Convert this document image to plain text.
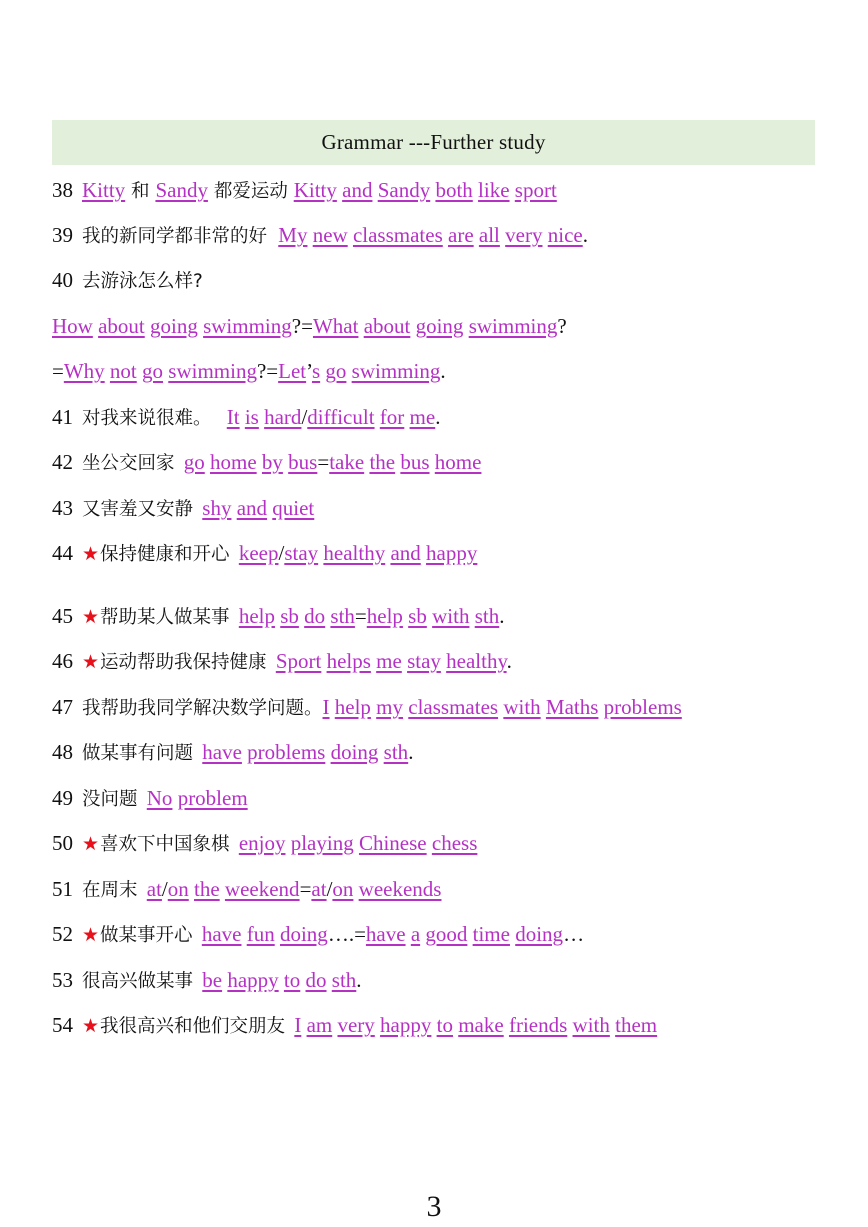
Grammar ---Further study
38 Kitty 和 Sandy 都爱运动 Kitty and Sandy both like sport
39 我的新同学都非常的好 My new classmates are all very nice.
40 去游泳怎么样?
How about going swimming?=What about going swimming?
=Why not go swimming?=Let’s go swimming.
41 对我来说很难。 It is hard/difficult for me.
42 坐公交回家 go home by bus=take the bus home
43 又害羞又安静 shy and quiet
44 ★保持健康和开心 keep/stay healthy and happy
45 ★帮助某人做某事 help sb do sth=help sb with sth.
46 ★运动帮助我保持健康 Sport helps me stay healthy.
47 我帮助我同学解决数学问题。I help my classmates with Maths problems
48 做某事有问题 have problems doing sth.
49 没问题 No problem
50 ★喜欢下中国象棋 enjoy playing Chinese chess
51 在周末 at/on the weekend=at/on weekends
52 ★做某事开心 have fun doing….=have a good time doing…
53 很高兴做某事 be happy to do sth.
54 ★我很高兴和他们交朋友 I am very happy to make friends with them
3
